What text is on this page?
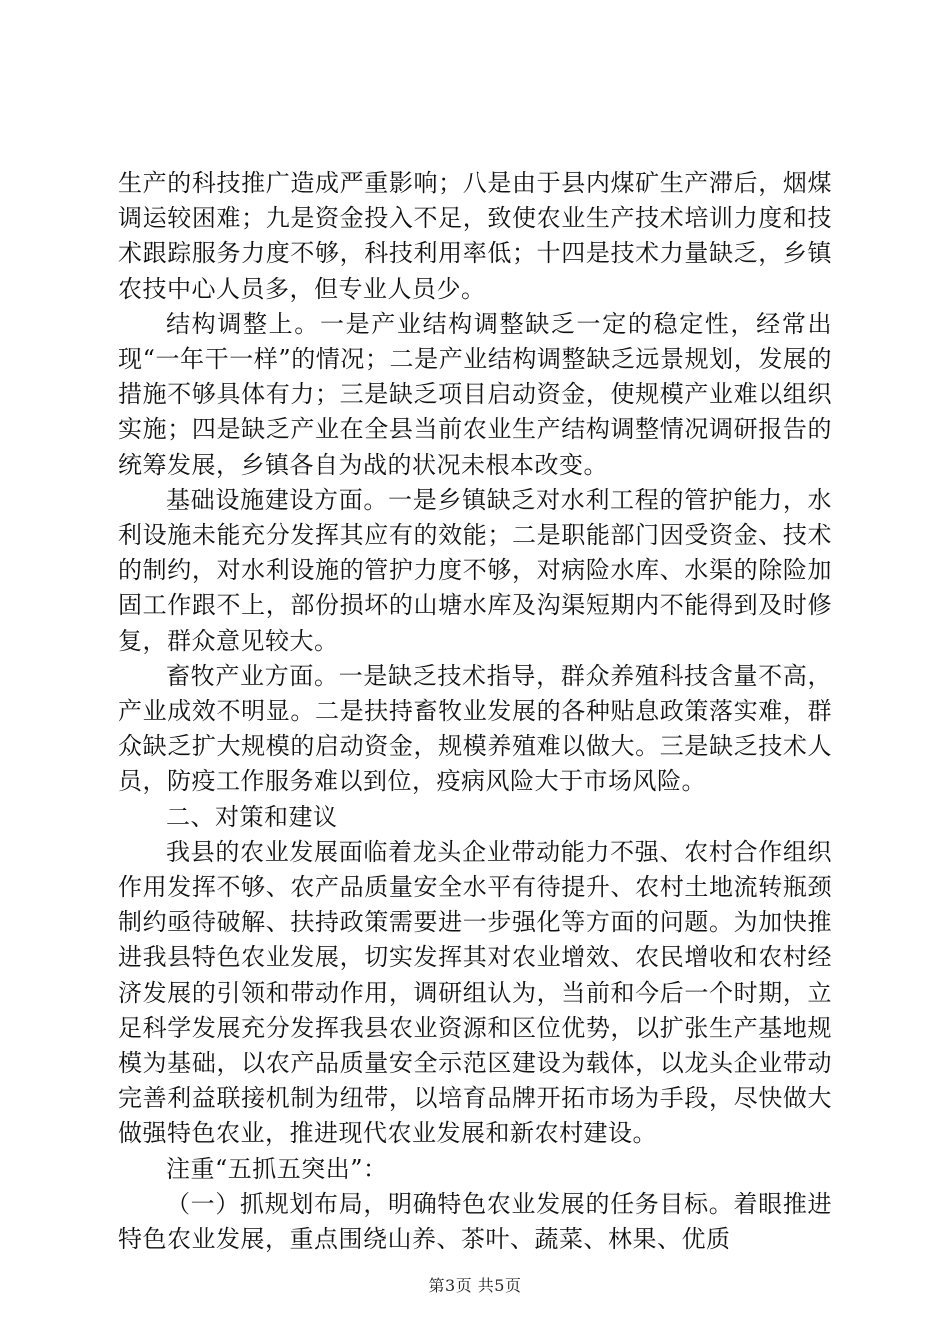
生产的科技推广造成严重影响；八是由于县内煤矿生产滞后，烟煤调运较困难；九是资金投入不足，致使农业生产技术培训力度和技术跟踪服务力度不够，科技利用率低；十四是技术力量缺乏，乡镇农技中心人员多，但专业人员少。

结构调整上。一是产业结构调整缺乏一定的稳定性，经常出现“一年干一样”的情况；二是产业结构调整缺乏远景规划，发展的措施不够具体有力；三是缺乏项目启动资金，使规模产业难以组织实施；四是缺乏产业在全县当前农业生产结构调整情况调研报告的统筹发展，乡镇各自为战的状况未根本改变。

基础设施建设方面。一是乡镇缺乏对水利工程的管护能力，水利设施未能充分发挥其应有的效能；二是职能部门因受资金、技术的制约，对水利设施的管护力度不够，对病险水库、水渠的除险加固工作跟不上，部份损坏的山塘水库及沟渠短期内不能得到及时修复，群众意见较大。

畜牧产业方面。一是缺乏技术指导，群众养殖科技含量不高，产业成效不明显。二是扶持畜牧业发展的各种贴息政策落实难，群众缺乏扩大规模的启动资金，规模养殖难以做大。三是缺乏技术人员，防疫工作服务难以到位，疫病风险大于市场风险。

二、对策和建议

我县的农业发展面临着龙头企业带动能力不强、农村合作组织作用发挥不够、农产品质量安全水平有待提升、农村土地流转瓶颈制约亟待破解、扶持政策需要进一步强化等方面的问题。为加快推进我县特色农业发展，切实发挥其对农业增效、农民增收和农村经济发展的引领和带动作用，调研组认为，当前和今后一个时期，立足科学发展充分发挥我县农业资源和区位优势，以扩张生产基地规模为基础，以农产品质量安全示范区建设为载体，以龙头企业带动完善利益联接机制为纽带，以培育品牌开拓市场为手段，尽快做大做强特色农业，推进现代农业发展和新农村建设。

注重“五抓五突出”：

（一）抓规划布局，明确特色农业发展的任务目标。着眼推进特色农业发展，重点围绕山养、茶叶、蔬菜、林果、优质

第3页 共5页
